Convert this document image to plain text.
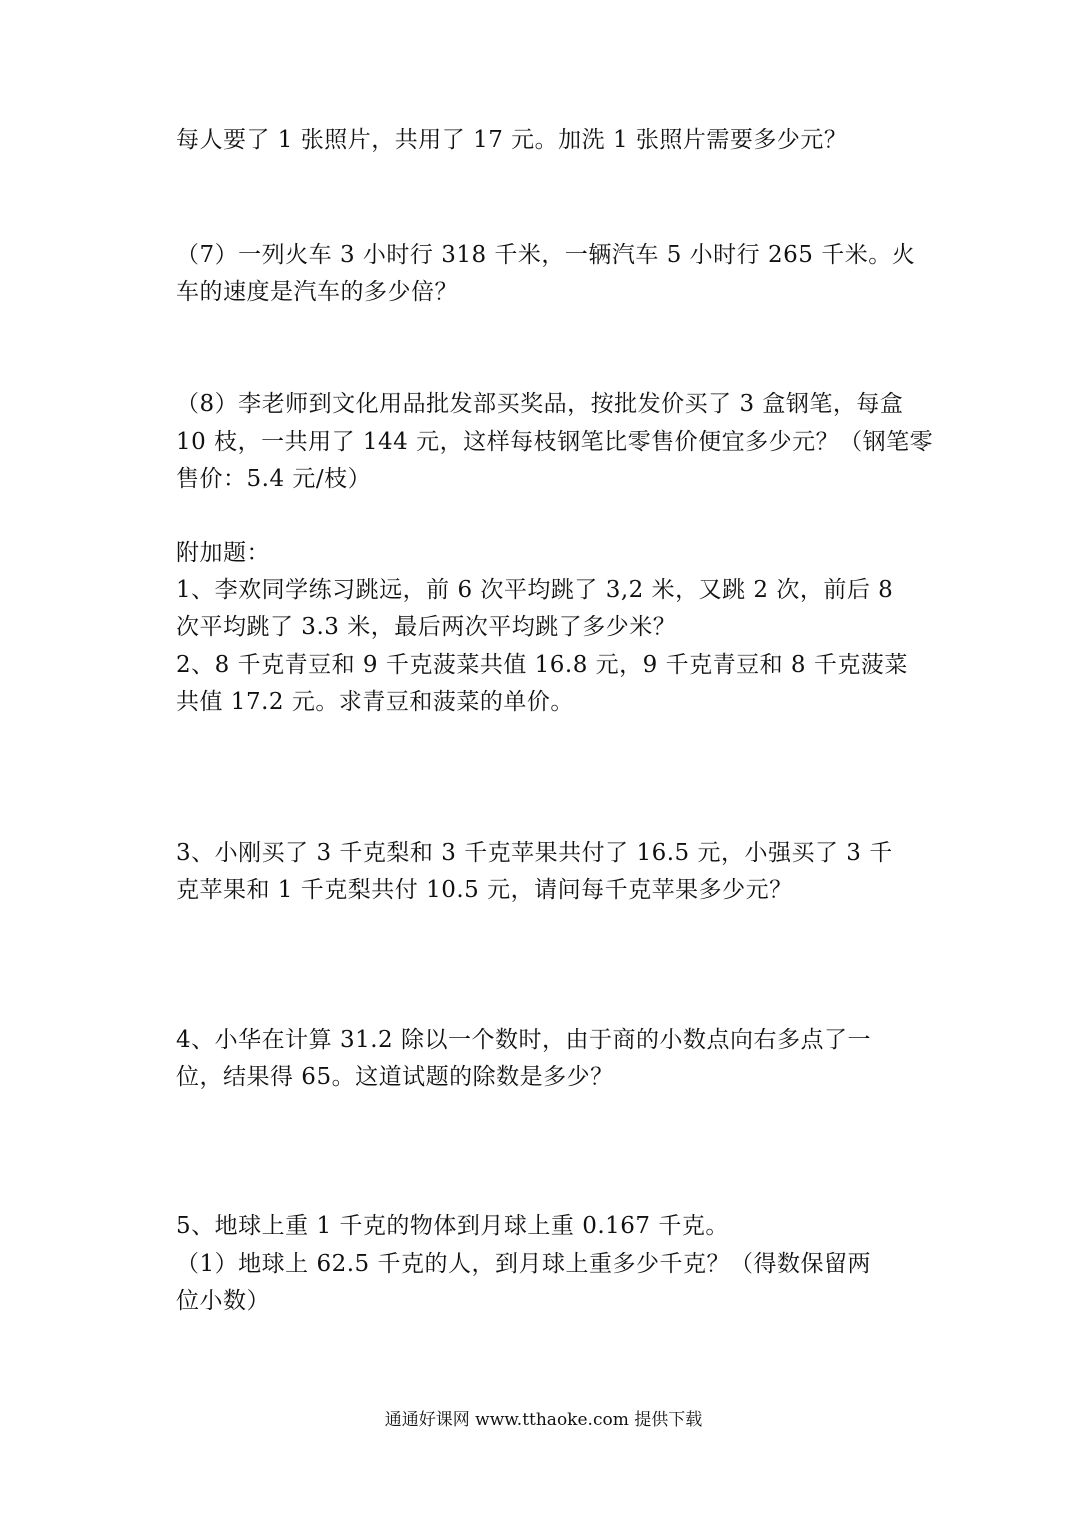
每人要了 1 张照片，共用了 17 元。加洗 1 张照片需要多少元？
（7）一列火车 3 小时行 318 千米，一辆汽车 5 小时行 265 千米。火
车的速度是汽车的多少倍？
（8）李老师到文化用品批发部买奖品，按批发价买了 3 盒钢笔，每盒
10 枝，一共用了 144 元，这样每枝钢笔比零售价便宜多少元？（钢笔零
售价：5.4 元/枝）
附加题：
1、李欢同学练习跳远，前 6 次平均跳了 3,2 米，又跳 2 次，前后 8
次平均跳了 3.3 米，最后两次平均跳了多少米？
2、8 千克青豆和 9 千克菠菜共值 16.8 元，9 千克青豆和 8 千克菠菜
共值 17.2 元。求青豆和菠菜的单价。
3、小刚买了 3 千克梨和 3 千克苹果共付了 16.5 元，小强买了 3 千
克苹果和 1 千克梨共付 10.5 元，请问每千克苹果多少元？
4、小华在计算 31.2 除以一个数时，由于商的小数点向右多点了一
位，结果得 65。这道试题的除数是多少？
5、地球上重 1 千克的物体到月球上重 0.167 千克。
（1）地球上 62.5 千克的人，到月球上重多少千克？（得数保留两
位小数）
通通好课网 www.tthaoke.com 提供下载
